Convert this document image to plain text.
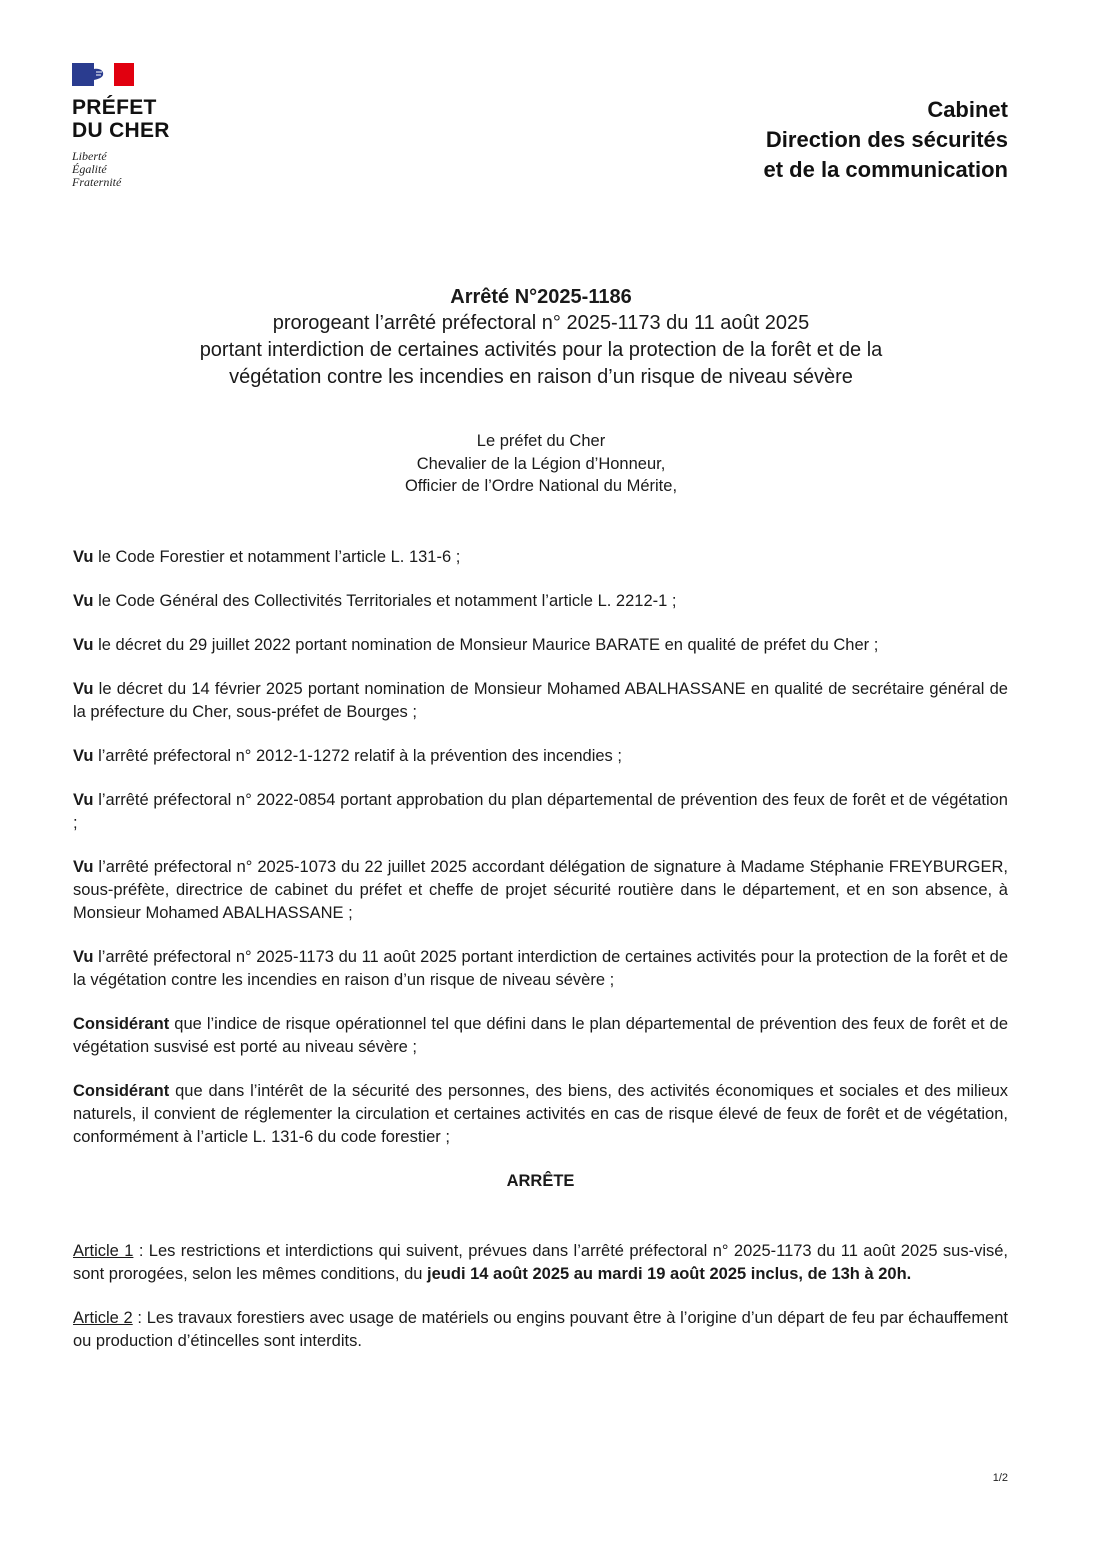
PRÉFET
DU CHER
Liberté
Égalité
Fraternité
Cabinet
Direction des sécurités
et de la communication
Arrêté N°2025-1186
prorogeant l’arrêté préfectoral n° 2025-1173 du 11 août 2025
portant interdiction de certaines activités pour la protection de la forêt et de la
végétation contre les incendies en raison d’un risque de niveau sévère
Le préfet du Cher
Chevalier de la Légion d’Honneur,
Officier de l’Ordre National du Mérite,

Vu le Code Forestier et notamment l’article L. 131-6 ;

Vu le Code Général des Collectivités Territoriales et notamment l’article L. 2212-1 ;

Vu le décret du 29 juillet 2022 portant nomination de Monsieur Maurice BARATE en qualité de préfet du Cher ;

Vu le décret du 14 février 2025 portant nomination de Monsieur Mohamed ABALHASSANE en qualité de secrétaire général de la préfecture du Cher, sous-préfet de Bourges ;

Vu l’arrêté préfectoral n° 2012-1-1272 relatif à la prévention des incendies ;

Vu l’arrêté préfectoral n° 2022-0854 portant approbation du plan départemental de prévention des feux de forêt et de végétation ;

Vu l’arrêté préfectoral n° 2025-1073 du 22 juillet 2025 accordant délégation de signature à Madame Stéphanie FREYBURGER, sous-préfète, directrice de cabinet du préfet et cheffe de projet sécurité routière dans le département, et en son absence, à Monsieur Mohamed ABALHASSANE ;

Vu l’arrêté préfectoral n° 2025-1173 du 11 août 2025 portant interdiction de certaines activités pour la protection de la forêt et de la végétation contre les incendies en raison d’un risque de niveau sévère ;

Considérant que l’indice de risque opérationnel tel que défini dans le plan départemental de prévention des feux de forêt et de végétation susvisé est porté au niveau sévère ;

Considérant que dans l’intérêt de la sécurité des personnes, des biens, des activités économiques et sociales et des milieux naturels, il convient de réglementer la circulation et certaines activités en cas de risque élevé de feux de forêt et de végétation, conformément à l’article L. 131-6 du code forestier ;

ARRÊTE

Article 1 : Les restrictions et interdictions qui suivent, prévues dans l’arrêté préfectoral n° 2025-1173 du 11 août 2025 sus-visé, sont prorogées, selon les mêmes conditions, du jeudi 14 août 2025 au mardi 19 août 2025 inclus, de 13h à 20h.

Article 2 : Les travaux forestiers avec usage de matériels ou engins pouvant être à l’origine d’un départ de feu par échauffement ou production d’étincelles sont interdits.

1/2
